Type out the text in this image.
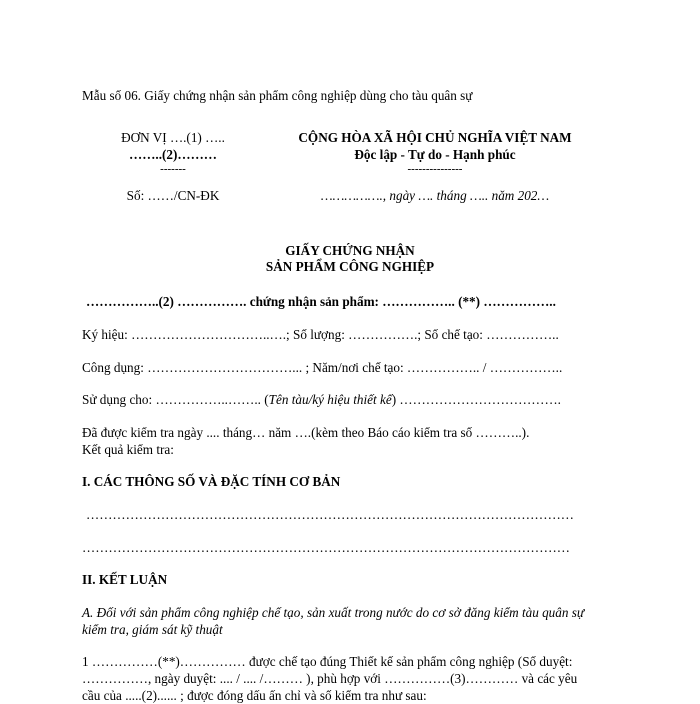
Mẫu số 06. Giấy chứng nhận sản phẩm công nghiệp dùng cho tàu quân sự
ĐƠN VỊ ….(1) …..
……..(2)………
-------
Số: ……/CN-ĐK
CỘNG HÒA XÃ HỘI CHỦ NGHĨA VIỆT NAM
Độc lập - Tự do - Hạnh phúc
---------------
……………., ngày …. tháng ….. năm 202…
GIẤY CHỨNG NHẬN
SẢN PHẨM CÔNG NGHIỆP
……………..(2) ……………. chứng nhận sản phẩm: …………….. (**) ……………..
Ký hiệu: …………………………..….; Số lượng: …………….; Số chế tạo: ……………..
Công dụng: ……………………………... ; Năm/nơi chế tạo: …………….. / ……………..
Sử dụng cho: ……………..…….. (Tên tàu/ký hiệu thiết kế) ……………………………….
Đã được kiểm tra ngày .... tháng… năm ….(kèm theo Báo cáo kiểm tra số ………..).
Kết quả kiểm tra:
I. CÁC THÔNG SỐ VÀ ĐẶC TÍNH CƠ BẢN
…………………………………………………………………………………………………
…………………………………………………………………………………………………
II. KẾT LUẬN
A. Đối với sản phẩm công nghiệp chế tạo, sản xuất trong nước do cơ sở đăng kiểm tàu quân sự
kiểm tra, giám sát kỹ thuật
1 ……………(**)…………… được chế tạo đúng Thiết kế sản phẩm công nghiệp (Số duyệt:
……………, ngày duyệt: .... / .... /……… ), phù hợp với ……………(3)………… và các yêu
cầu của .....(2)...... ; được đóng dấu ấn chỉ và số kiểm tra như sau:
